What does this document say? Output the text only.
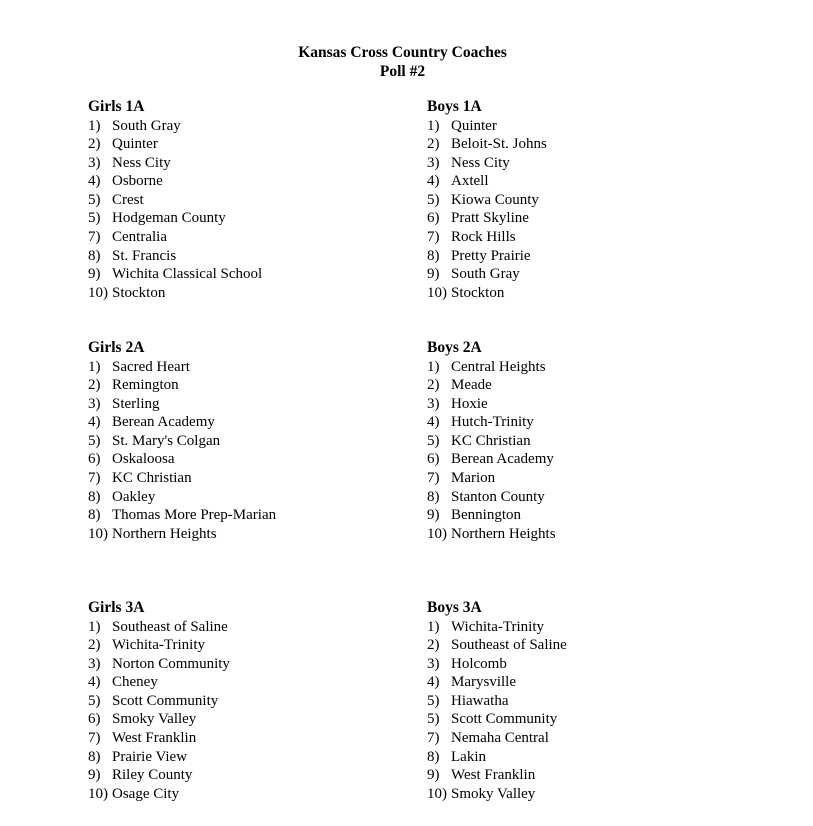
Kansas Cross Country Coaches
Poll #2
Girls 1A
1) South Gray
2) Quinter
3) Ness City
4) Osborne
5) Crest
5) Hodgeman County
7) Centralia
8) St. Francis
9) Wichita Classical School
10) Stockton
Boys 1A
1) Quinter
2) Beloit-St. Johns
3) Ness City
4) Axtell
5) Kiowa County
6) Pratt Skyline
7) Rock Hills
8) Pretty Prairie
9) South Gray
10) Stockton
Girls 2A
1) Sacred Heart
2) Remington
3) Sterling
4) Berean Academy
5) St. Mary's Colgan
6) Oskaloosa
7) KC Christian
8) Oakley
8) Thomas More Prep-Marian
10) Northern Heights
Boys 2A
1) Central Heights
2) Meade
3) Hoxie
4) Hutch-Trinity
5) KC Christian
6) Berean Academy
7) Marion
8) Stanton County
9) Bennington
10) Northern Heights
Girls 3A
1) Southeast of Saline
2) Wichita-Trinity
3) Norton Community
4) Cheney
5) Scott Community
6) Smoky Valley
7) West Franklin
8) Prairie View
9) Riley County
10) Osage City
Boys 3A
1) Wichita-Trinity
2) Southeast of Saline
3) Holcomb
4) Marysville
5) Hiawatha
5) Scott Community
7) Nemaha Central
8) Lakin
9) West Franklin
10) Smoky Valley
